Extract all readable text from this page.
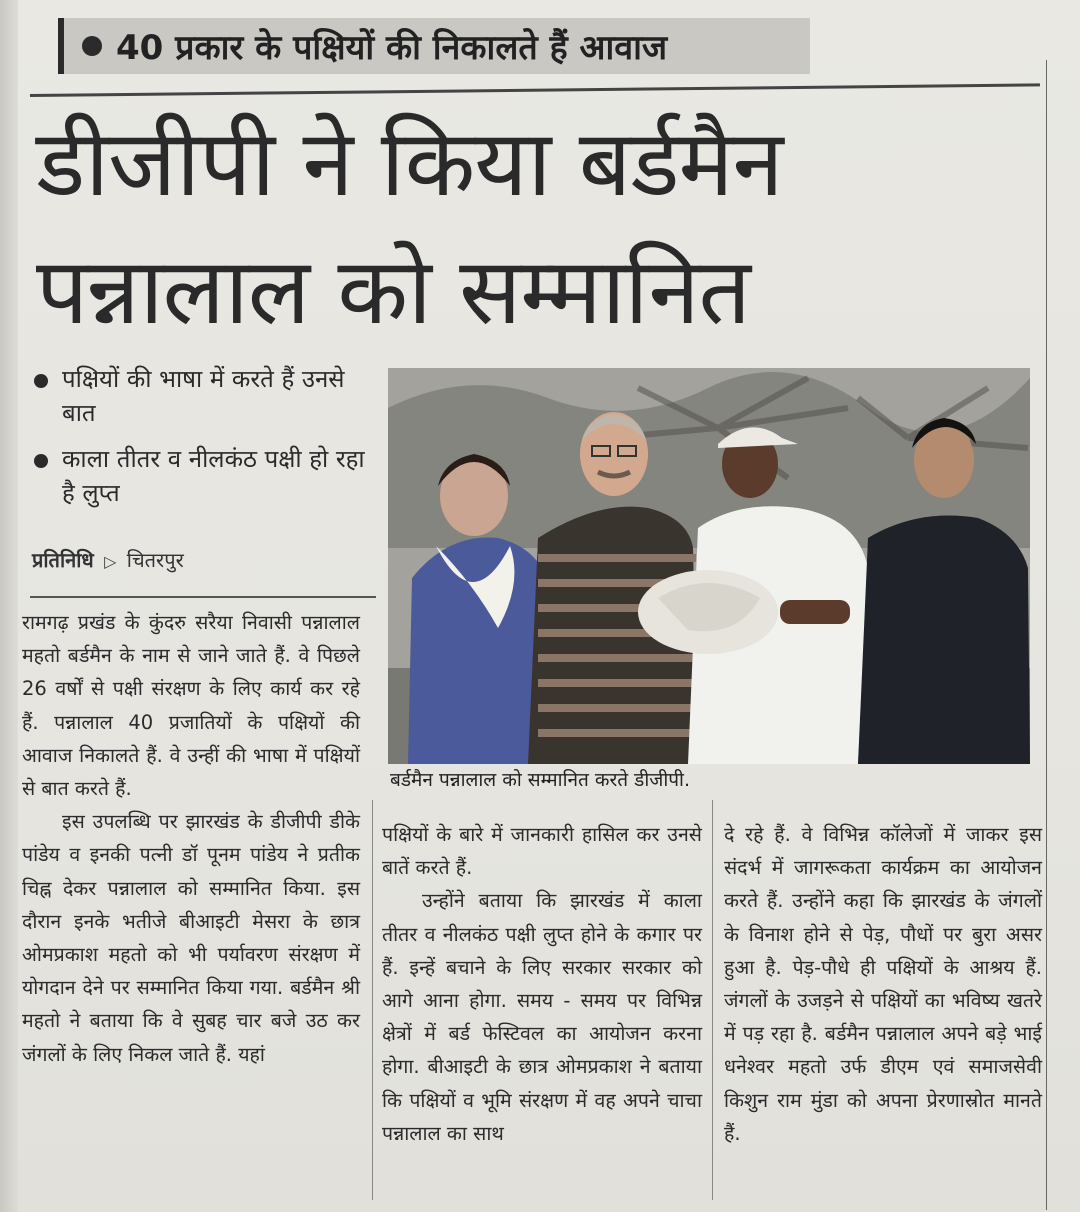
40 प्रकार के पक्षियों की निकालते हैं आवाज
डीजीपी ने किया बर्डमैन
पन्नालाल को सम्मानित
पक्षियों की भाषा में करते हैं उनसे बात
काला तीतर व नीलकंठ पक्षी हो रहा है लुप्त
प्रतिनिधि ▷ चितरपुर
बर्डमैन पन्नालाल को सम्मानित करते डीजीपी.

रामगढ़ प्रखंड के कुंदरु सरैया निवासी पन्नालाल महतो बर्डमैन के नाम से जाने जाते हैं. वे पिछले 26 वर्षों से पक्षी संरक्षण के लिए कार्य कर रहे हैं. पन्नालाल 40 प्रजातियों के पक्षियों की आवाज निकालते हैं. वे उन्हीं की भाषा में पक्षियों से बात करते हैं.

इस उपलब्धि पर झारखंड के डीजीपी डीके पांडेय व इनकी पत्नी डॉ पूनम पांडेय ने प्रतीक चिह्न देकर पन्नालाल को सम्मानित किया. इस दौरान इनके भतीजे बीआइटी मेसरा के छात्र ओमप्रकाश महतो को भी पर्यावरण संरक्षण में योगदान देने पर सम्मानित किया गया. बर्डमैन श्री महतो ने बताया कि वे सुबह चार बजे उठ कर जंगलों के लिए निकल जाते हैं. यहां

पक्षियों के बारे में जानकारी हासिल कर उनसे बातें करते हैं.

उन्होंने बताया कि झारखंड में काला तीतर व नीलकंठ पक्षी लुप्त होने के कगार पर हैं. इन्हें बचाने के लिए सरकार सरकार को आगे आना होगा. समय - समय पर विभिन्न क्षेत्रों में बर्ड फेस्टिवल का आयोजन करना होगा. बीआइटी के छात्र ओमप्रकाश ने बताया कि पक्षियों व भूमि संरक्षण में वह अपने चाचा पन्नालाल का साथ

दे रहे हैं. वे विभिन्न कॉलेजों में जाकर इस संदर्भ में जागरूकता कार्यक्रम का आयोजन करते हैं. उन्होंने कहा कि झारखंड के जंगलों के विनाश होने से पेड़, पौधों पर बुरा असर हुआ है. पेड़-पौधे ही पक्षियों के आश्रय हैं. जंगलों के उजड़ने से पक्षियों का भविष्य खतरे में पड़ रहा है. बर्डमैन पन्नालाल अपने बड़े भाई धनेश्वर महतो उर्फ डीएम एवं समाजसेवी किशुन राम मुंडा को अपना प्रेरणास्रोत मानते हैं.
